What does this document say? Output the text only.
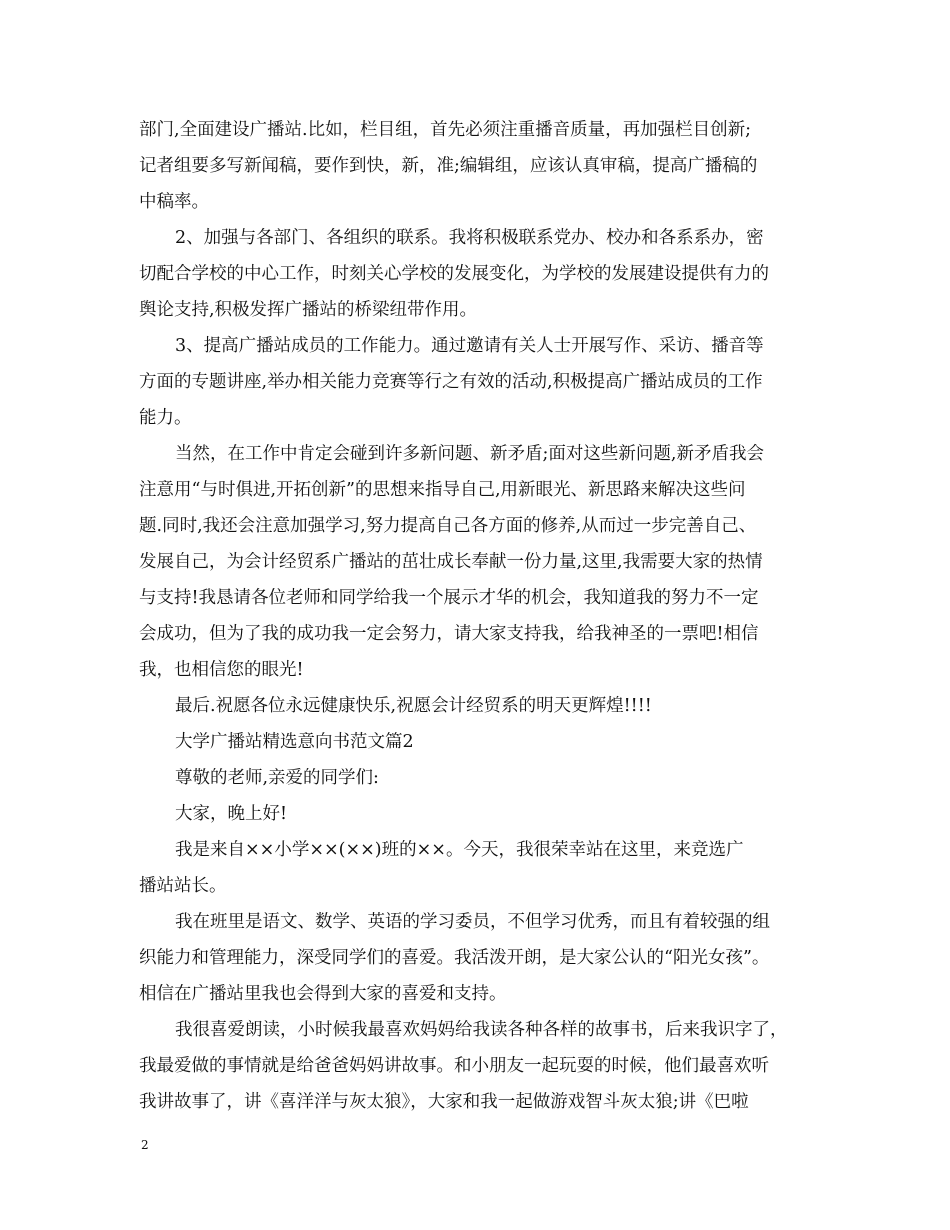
部门,全面建设广播站.比如，栏目组，首先必须注重播音质量，再加强栏目创新;

记者组要多写新闻稿，要作到快，新，准;编辑组，应该认真审稿，提高广播稿的

中稿率。

2、加强与各部门、各组织的联系。我将积极联系党办、校办和各系系办，密

切配合学校的中心工作，时刻关心学校的发展变化，为学校的发展建设提供有力的

舆论支持,积极发挥广播站的桥梁纽带作用。

3、提高广播站成员的工作能力。通过邀请有关人士开展写作、采访、播音等

方面的专题讲座,举办相关能力竞赛等行之有效的活动,积极提高广播站成员的工作

能力。

当然，在工作中肯定会碰到许多新问题、新矛盾;面对这些新问题,新矛盾我会

注意用“与时俱进,开拓创新”的思想来指导自己,用新眼光、新思路来解决这些问

题.同时,我还会注意加强学习,努力提高自己各方面的修养,从而过一步完善自己、

发展自己，为会计经贸系广播站的茁壮成长奉献一份力量,这里,我需要大家的热情

与支持!我恳请各位老师和同学给我一个展示才华的机会，我知道我的努力不一定

会成功，但为了我的成功我一定会努力，请大家支持我，给我神圣的一票吧!相信

我，也相信您的眼光!

最后.祝愿各位永远健康快乐,祝愿会计经贸系的明天更辉煌!!!!

大学广播站精选意向书范文篇2

尊敬的老师,亲爱的同学们:

大家，晚上好!

我是来自××小学××(××)班的××。今天，我很荣幸站在这里，来竞选广

播站站长。

我在班里是语文、数学、英语的学习委员，不但学习优秀，而且有着较强的组

织能力和管理能力，深受同学们的喜爱。我活泼开朗，是大家公认的“阳光女孩”。

相信在广播站里我也会得到大家的喜爱和支持。

我很喜爱朗读，小时候我最喜欢妈妈给我读各种各样的故事书，后来我识字了，

我最爱做的事情就是给爸爸妈妈讲故事。和小朋友一起玩耍的时候，他们最喜欢听

我讲故事了，讲《喜洋洋与灰太狼》，大家和我一起做游戏智斗灰太狼;讲《巴啦

2
